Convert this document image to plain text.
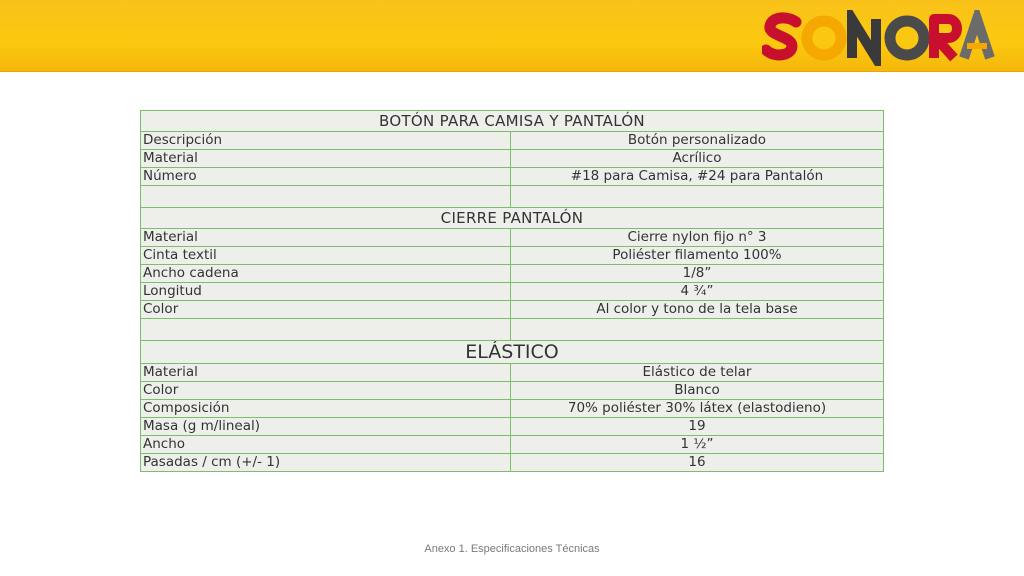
BOTÓN PARA CAMISA Y PANTALÓN	
Descripción	Botón personalizado
Material	Acrílico
Número	#18 para Camisa, #24 para Pantalón

CIERRE PANTALÓN	
Material	Cierre nylon fijo n° 3
Cinta textil	Poliéster filamento 100%
Ancho cadena	1/8”
Longitud	4 ¾”
Color	Al color y tono de la tela base

ELÁSTICO	
Material	Elástico de telar
Color	Blanco
Composición	70% poliéster 30% látex (elastodieno)
Masa (g m/lineal)	19
Ancho	1 ½”
Pasadas / cm (+/- 1)	16
Anexo 1. Especificaciones Técnicas
